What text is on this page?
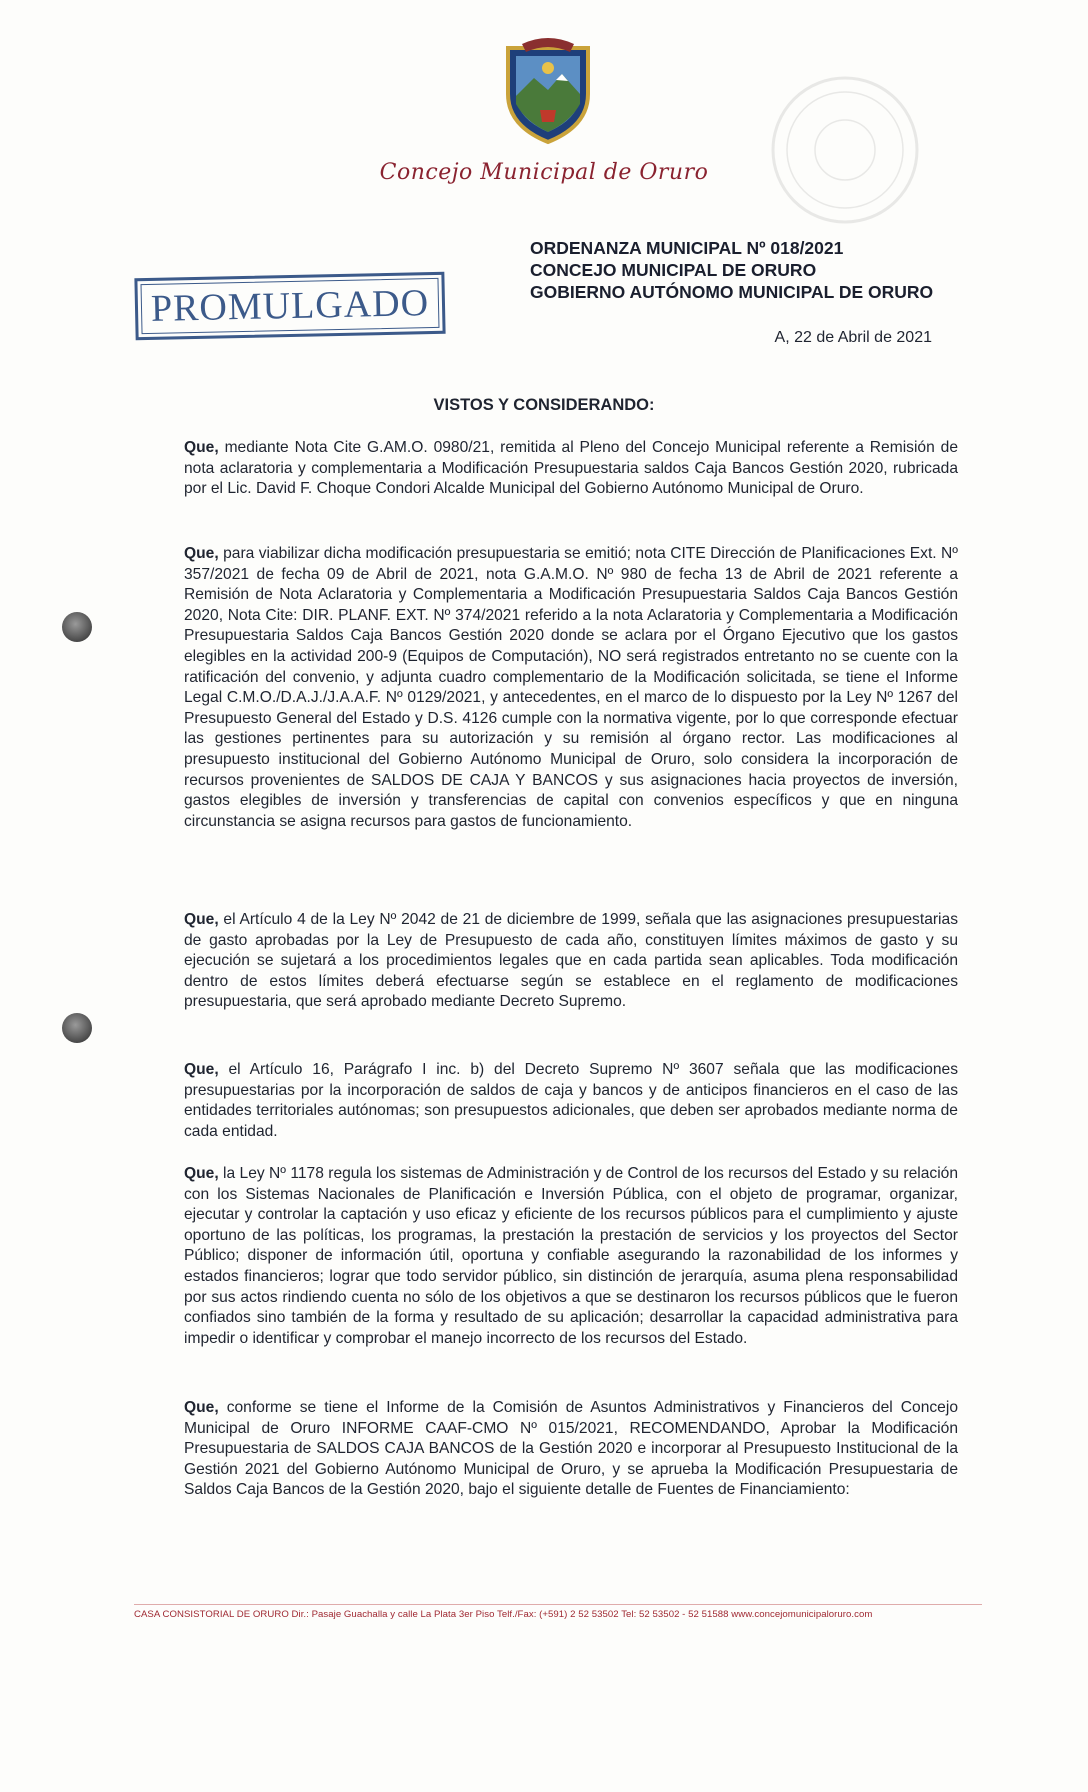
Concejo Municipal de Oruro
PROMULGADO
ORDENANZA MUNICIPAL Nº 018/2021
CONCEJO MUNICIPAL DE ORURO
GOBIERNO AUTÓNOMO MUNICIPAL DE ORURO
A, 22 de Abril de 2021
VISTOS Y CONSIDERANDO:
Que, mediante Nota Cite G.AM.O. 0980/21, remitida al Pleno del Concejo Municipal referente a Remisión de nota aclaratoria y complementaria a Modificación Presupuestaria saldos Caja Bancos Gestión 2020, rubricada por el Lic. David F. Choque Condori Alcalde Municipal del Gobierno Autónomo Municipal de Oruro.
Que, para viabilizar dicha modificación presupuestaria se emitió; nota CITE Dirección de Planificaciones Ext. Nº 357/2021 de fecha 09 de Abril de 2021, nota G.A.M.O. Nº 980 de fecha 13 de Abril de 2021 referente a Remisión de Nota Aclaratoria y Complementaria a Modificación Presupuestaria Saldos Caja Bancos Gestión 2020, Nota Cite: DIR. PLANF. EXT. Nº 374/2021 referido a la nota Aclaratoria y Complementaria a Modificación Presupuestaria Saldos Caja Bancos Gestión 2020 donde se aclara por el Órgano Ejecutivo que los gastos elegibles en la actividad 200-9 (Equipos de Computación), NO será registrados entretanto no se cuente con la ratificación del convenio, y adjunta cuadro complementario de la Modificación solicitada, se tiene el Informe Legal C.M.O./D.A.J./J.A.A.F. Nº 0129/2021, y antecedentes, en el marco de lo dispuesto por la Ley Nº 1267 del Presupuesto General del Estado y D.S. 4126 cumple con la normativa vigente, por lo que corresponde efectuar las gestiones pertinentes para su autorización y su remisión al órgano rector. Las modificaciones al presupuesto institucional del Gobierno Autónomo Municipal de Oruro, solo considera la incorporación de recursos provenientes de SALDOS DE CAJA Y BANCOS y sus asignaciones hacia proyectos de inversión, gastos elegibles de inversión y transferencias de capital con convenios específicos y que en ninguna circunstancia se asigna recursos para gastos de funcionamiento.
Que, el Artículo 4 de la Ley Nº 2042 de 21 de diciembre de 1999, señala que las asignaciones presupuestarias de gasto aprobadas por la Ley de Presupuesto de cada año, constituyen límites máximos de gasto y su ejecución se sujetará a los procedimientos legales que en cada partida sean aplicables. Toda modificación dentro de estos límites deberá efectuarse según se establece en el reglamento de modificaciones presupuestaria, que será aprobado mediante Decreto Supremo.
Que, el Artículo 16, Parágrafo I inc. b) del Decreto Supremo Nº 3607 señala que las modificaciones presupuestarias por la incorporación de saldos de caja y bancos y de anticipos financieros en el caso de las entidades territoriales autónomas; son presupuestos adicionales, que deben ser aprobados mediante norma de cada entidad.
Que, la Ley Nº 1178 regula los sistemas de Administración y de Control de los recursos del Estado y su relación con los Sistemas Nacionales de Planificación e Inversión Pública, con el objeto de programar, organizar, ejecutar y controlar la captación y uso eficaz y eficiente de los recursos públicos para el cumplimiento y ajuste oportuno de las políticas, los programas, la prestación la prestación de servicios y los proyectos del Sector Público; disponer de información útil, oportuna y confiable asegurando la razonabilidad de los informes y estados financieros; lograr que todo servidor público, sin distinción de jerarquía, asuma plena responsabilidad por sus actos rindiendo cuenta no sólo de los objetivos a que se destinaron los recursos públicos que le fueron confiados sino también de la forma y resultado de su aplicación; desarrollar la capacidad administrativa para impedir o identificar y comprobar el manejo incorrecto de los recursos del Estado.
Que, conforme se tiene el Informe de la Comisión de Asuntos Administrativos y Financieros del Concejo Municipal de Oruro INFORME CAAF-CMO Nº 015/2021, RECOMENDANDO, Aprobar la Modificación Presupuestaria de SALDOS CAJA BANCOS de la Gestión 2020 e incorporar al Presupuesto Institucional de la Gestión 2021 del Gobierno Autónomo Municipal de Oruro, y se aprueba la Modificación Presupuestaria de Saldos Caja Bancos de la Gestión 2020, bajo el siguiente detalle de Fuentes de Financiamiento:
CASA CONSISTORIAL DE ORURO Dir.: Pasaje Guachalla y calle La Plata 3er Piso Telf./Fax: (+591) 2 52 53502 Tel: 52 53502 - 52 51588 www.concejomunicipaloruro.com
